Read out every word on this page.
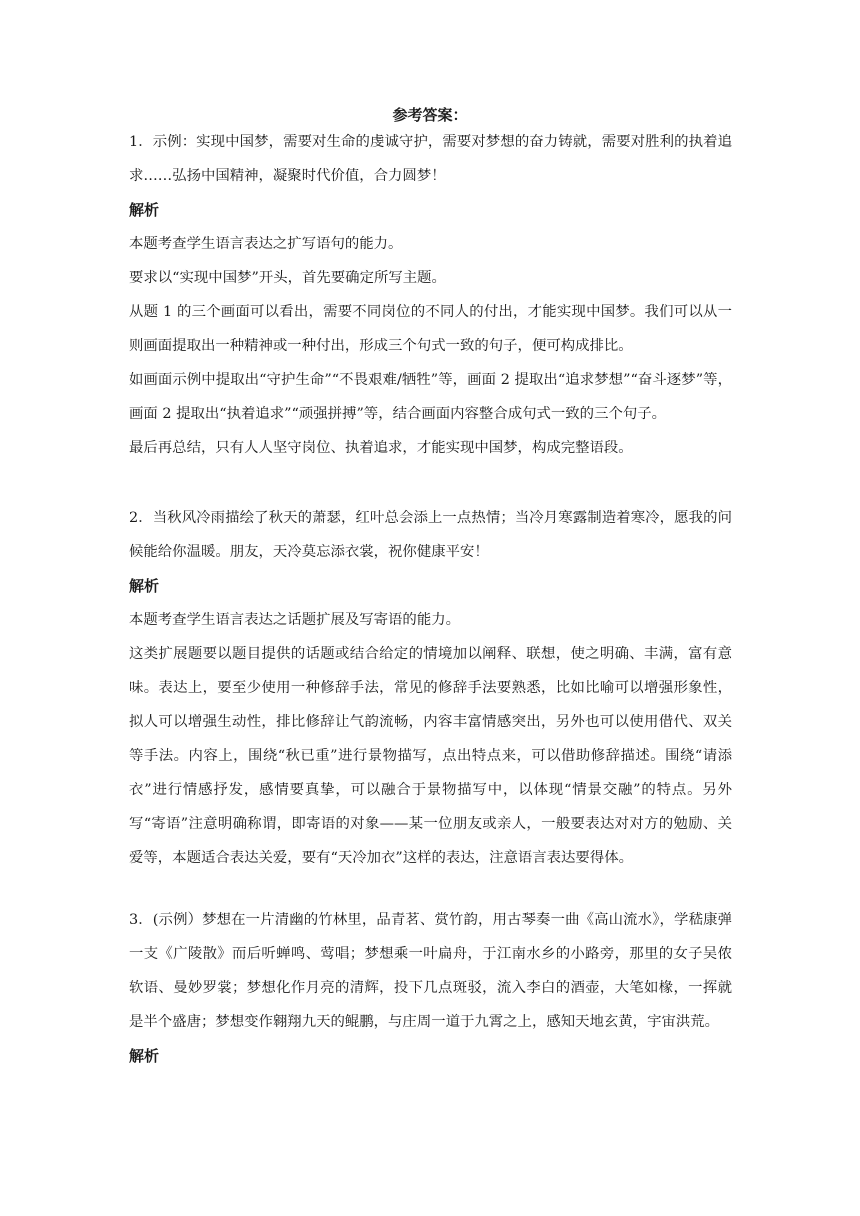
参考答案：

1．示例：实现中国梦，需要对生命的虔诚守护，需要对梦想的奋力铸就，需要对胜利的执着追求……弘扬中国精神，凝聚时代价值，合力圆梦！

解析

本题考查学生语言表达之扩写语句的能力。

要求以“实现中国梦”开头，首先要确定所写主题。

从题 1 的三个画面可以看出，需要不同岗位的不同人的付出，才能实现中国梦。我们可以从一则画面提取出一种精神或一种付出，形成三个句式一致的句子，便可构成排比。

如画面示例中提取出“守护生命”“不畏艰难/牺牲”等，画面 2 提取出“追求梦想”“奋斗逐梦”等，画面 2 提取出“执着追求”“顽强拼搏”等，结合画面内容整合成句式一致的三个句子。

最后再总结，只有人人坚守岗位、执着追求，才能实现中国梦，构成完整语段。

2．当秋风冷雨描绘了秋天的萧瑟，红叶总会添上一点热情；当冷月寒露制造着寒冷，愿我的问候能给你温暖。朋友，天冷莫忘添衣裳，祝你健康平安！

解析

本题考查学生语言表达之话题扩展及写寄语的能力。

这类扩展题要以题目提供的话题或结合给定的情境加以阐释、联想，使之明确、丰满，富有意味。表达上，要至少使用一种修辞手法，常见的修辞手法要熟悉，比如比喻可以增强形象性，拟人可以增强生动性，排比修辞让气韵流畅，内容丰富情感突出，另外也可以使用借代、双关等手法。内容上，围绕“秋已重”进行景物描写，点出特点来，可以借助修辞描述。围绕“请添衣”进行情感抒发，感情要真挚，可以融合于景物描写中，以体现“情景交融”的特点。另外写“寄语”注意明确称谓，即寄语的对象——某一位朋友或亲人，一般要表达对对方的勉励、关爱等，本题适合表达关爱，要有“天冷加衣”这样的表达，注意语言表达要得体。

3．(示例）梦想在一片清幽的竹林里，品青茗、赏竹韵，用古琴奏一曲《高山流水》，学嵇康弹一支《广陵散》而后听蝉鸣、莺唱；梦想乘一叶扁舟，于江南水乡的小路旁，那里的女子吴侬软语、曼妙罗裳；梦想化作月亮的清辉，投下几点斑驳，流入李白的酒壶，大笔如椽，一挥就是半个盛唐；梦想变作翱翔九天的鲲鹏，与庄周一道于九霄之上，感知天地玄黄，宇宙洪荒。

解析
